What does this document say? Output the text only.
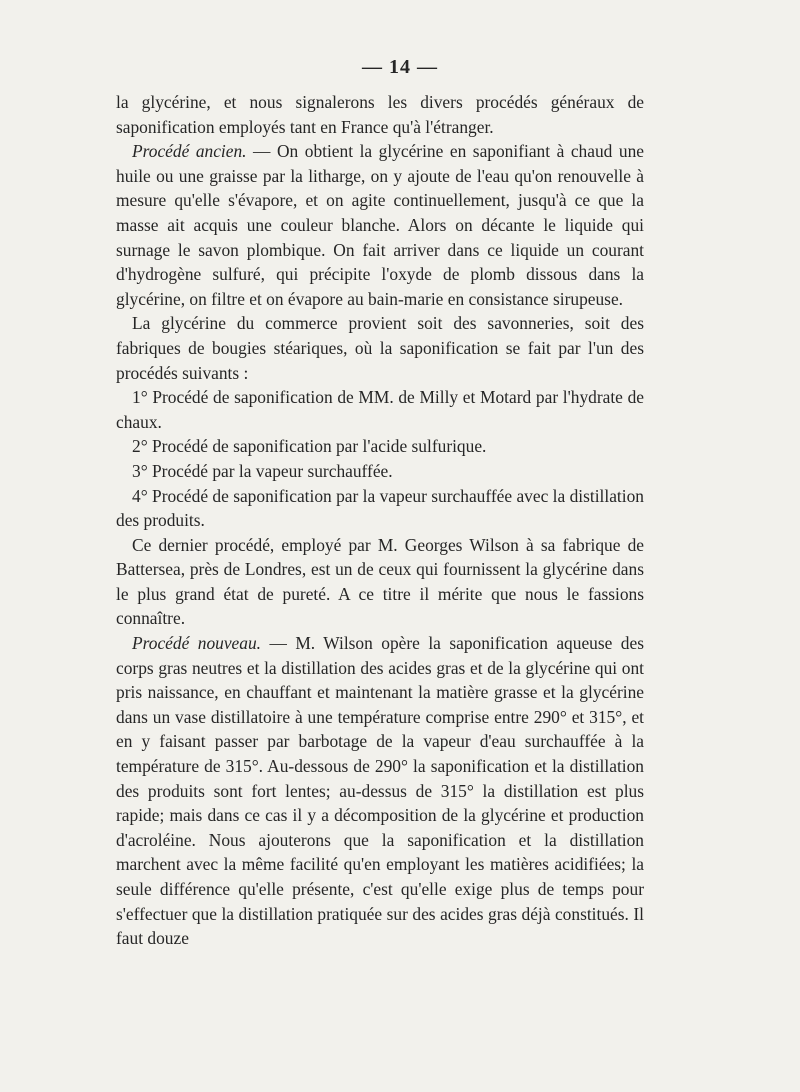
— 14 —

la glycérine, et nous signalerons les divers procédés généraux de saponification employés tant en France qu'à l'étranger.

Procédé ancien. — On obtient la glycérine en saponifiant à chaud une huile ou une graisse par la litharge, on y ajoute de l'eau qu'on renouvelle à mesure qu'elle s'évapore, et on agite continuellement, jusqu'à ce que la masse ait acquis une couleur blanche. Alors on décante le liquide qui surnage le savon plombique. On fait arriver dans ce liquide un courant d'hydrogène sulfuré, qui précipite l'oxyde de plomb dissous dans la glycérine, on filtre et on évapore au bain-marie en consistance sirupeuse.

La glycérine du commerce provient soit des savonneries, soit des fabriques de bougies stéariques, où la saponification se fait par l'un des procédés suivants :

1° Procédé de saponification de MM. de Milly et Motard par l'hydrate de chaux.

2° Procédé de saponification par l'acide sulfurique.

3° Procédé par la vapeur surchauffée.

4° Procédé de saponification par la vapeur surchauffée avec la distillation des produits.

Ce dernier procédé, employé par M. Georges Wilson à sa fabrique de Battersea, près de Londres, est un de ceux qui fournissent la glycérine dans le plus grand état de pureté. A ce titre il mérite que nous le fassions connaître.

Procédé nouveau. — M. Wilson opère la saponification aqueuse des corps gras neutres et la distillation des acides gras et de la glycérine qui ont pris naissance, en chauffant et maintenant la matière grasse et la glycérine dans un vase distillatoire à une température comprise entre 290° et 315°, et en y faisant passer par barbotage de la vapeur d'eau surchauffée à la température de 315°. Au-dessous de 290° la saponification et la distillation des produits sont fort lentes; au-dessus de 315° la distillation est plus rapide; mais dans ce cas il y a décomposition de la glycérine et production d'acroléine. Nous ajouterons que la saponification et la distillation marchent avec la même facilité qu'en employant les matières acidifiées; la seule différence qu'elle présente, c'est qu'elle exige plus de temps pour s'effectuer que la distillation pratiquée sur des acides gras déjà constitués. Il faut douze
